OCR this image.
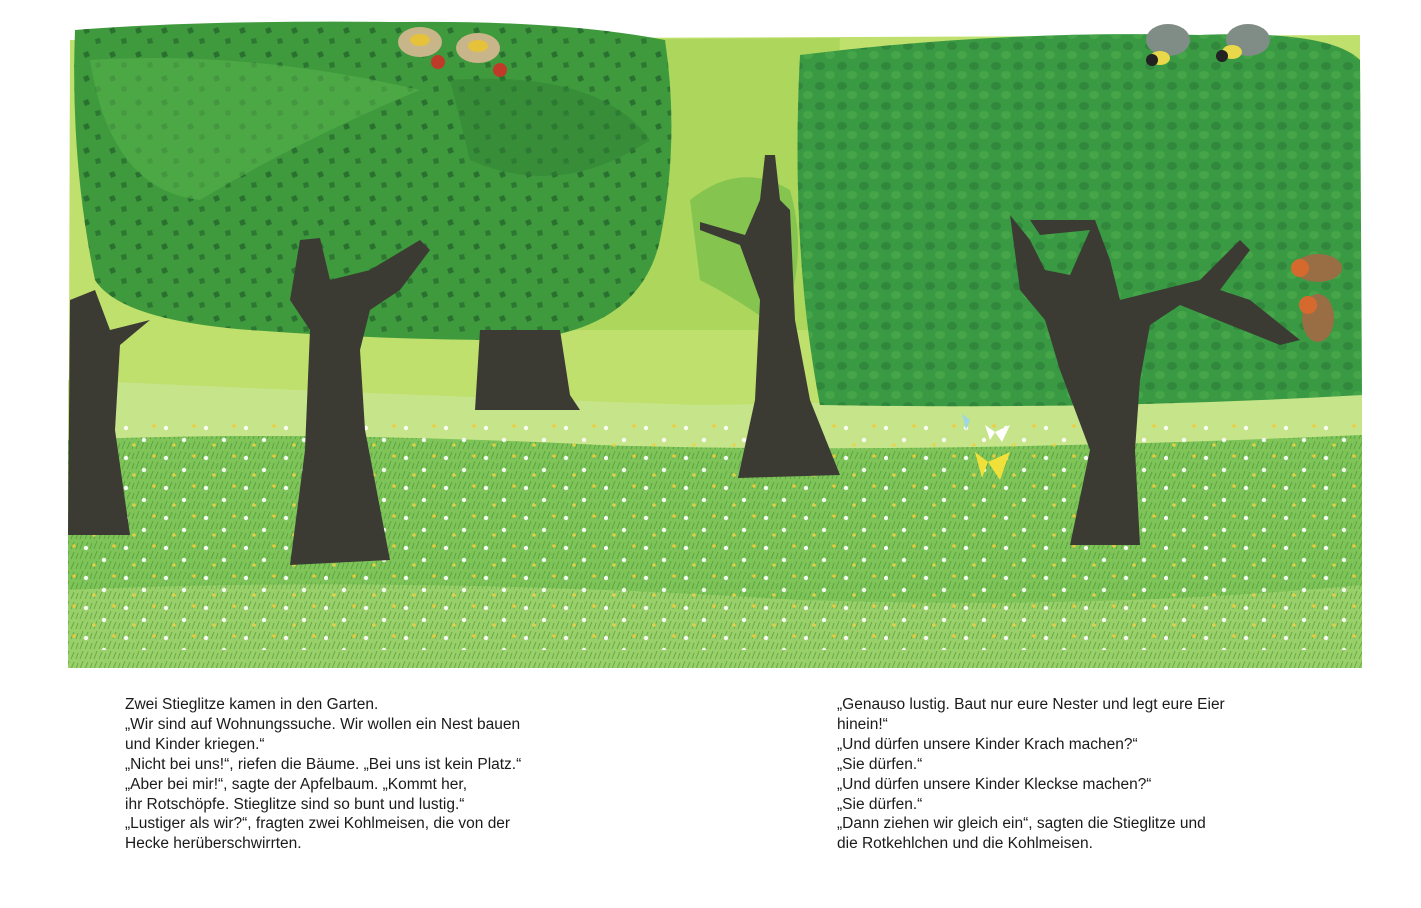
Zwei Stieglitze kamen in den Garten.

„Wir sind auf Wohnungssuche. Wir wollen ein Nest bauen

und Kinder kriegen.“

„Nicht bei uns!“, riefen die Bäume. „Bei uns ist kein Platz.“

„Aber bei mir!“, sagte der Apfelbaum. „Kommt her,

ihr Rotschöpfe. Stieglitze sind so bunt und lustig.“

„Lustiger als wir?“, fragten zwei Kohlmeisen, die von der

Hecke herüberschwirrten.

„Genauso lustig. Baut nur eure Nester und legt eure Eier

hinein!“

„Und dürfen unsere Kinder Krach machen?“

„Sie dürfen.“

„Und dürfen unsere Kinder Kleckse machen?“

„Sie dürfen.“

„Dann ziehen wir gleich ein“, sagten die Stieglitze und

die Rotkehlchen und die Kohlmeisen.
